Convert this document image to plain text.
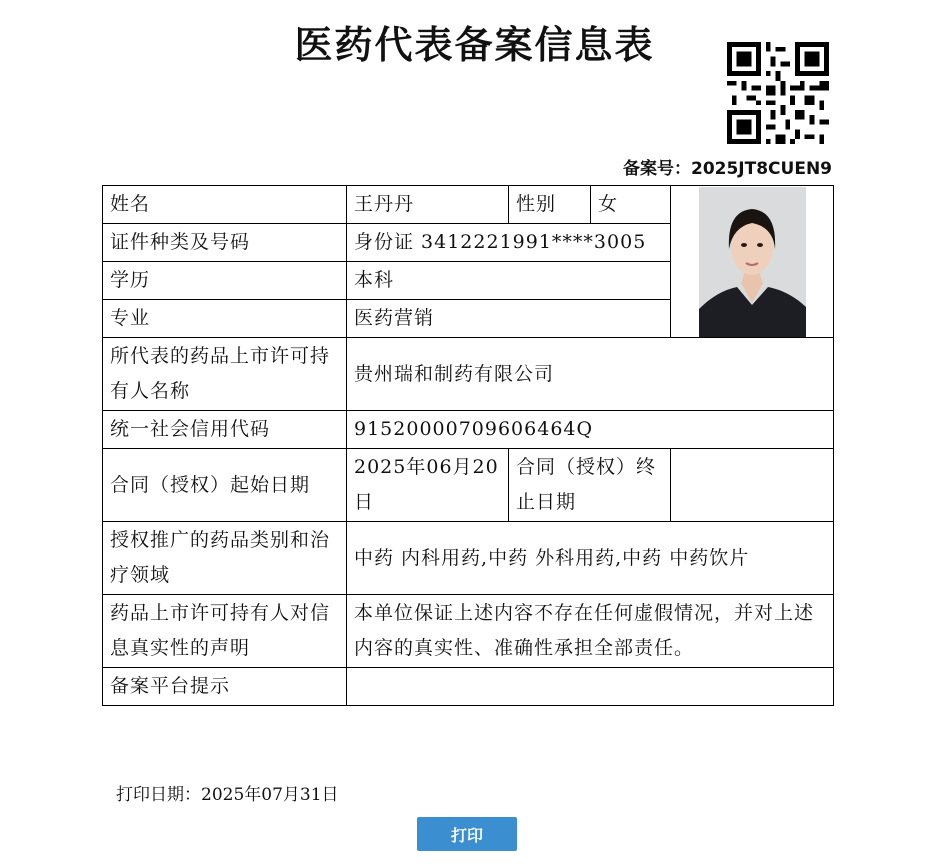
医药代表备案信息表
备案号：2025JT8CUEN9
姓名	王丹丹	性别	女	
证件种类及号码	身份证 3412221991****3005			
学历	本科			
专业	医药营销			
所代表的药品上市许可持有人名称	贵州瑞和制药有限公司			
统一社会信用代码	91520000709606464Q			
合同（授权）起始日期	2025年06月20日	合同（授权）终止日期		
授权推广的药品类别和治疗领域	中药 内科用药,中药 外科用药,中药 中药饮片			
药品上市许可持有人对信息真实性的声明	本单位保证上述内容不存在任何虚假情况，并对上述内容的真实性、准确性承担全部责任。			
备案平台提示				
打印日期：2025年07月31日
打印
